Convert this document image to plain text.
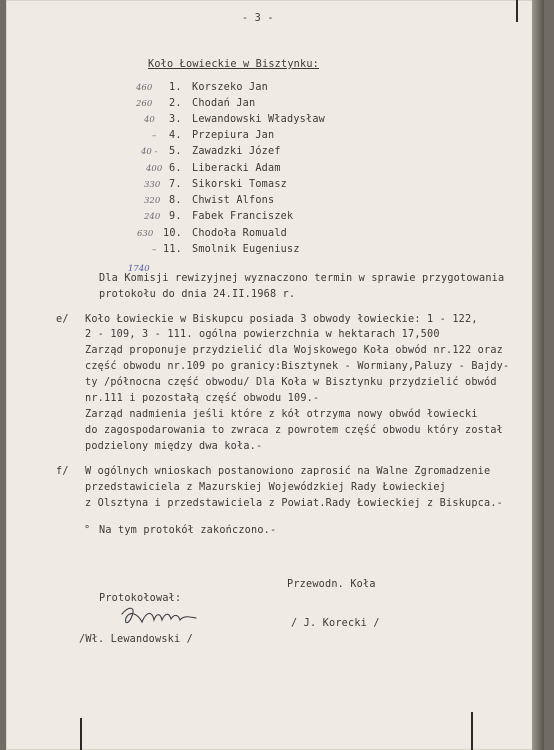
- 3 -
Koło Łowieckie w Bisztynku:
460 1. Korszeko Jan
260 2. Chodań Jan
40 3. Lewandowski Władysław
– 4. Przepiura Jan
40 - 5. Zawadzki Józef
400 6. Liberacki Adam
330 7. Sikorski Tomasz
320 8. Chwist Alfons
240 9. Fabek Franciszek
630 10. Chodoła Romuald
– 11. Smolnik Eugeniusz
1740
Dla Komisji rewizyjnej wyznaczono termin w sprawie przygotowania
protokołu do dnia 24.II.1968 r.
e/ Koło Łowieckie w Biskupcu posiada 3 obwody łowieckie: 1 - 122,
2 - 109, 3 - 111. ogólna powierzchnia w hektarach 17,500
Zarząd proponuje przydzielić dla Wojskowego Koła obwód nr.122 oraz
część obwodu nr.109 po granicy:Bisztynek - Wormiany,Paluzy - Bajdy-
ty /północna część obwodu/ Dla Koła w Bisztynku przydzielić obwód
nr.111 i pozostałą część obwodu 109.-
Zarząd nadmienia jeśli które z kół otrzyma nowy obwód łowiecki
do zagospodarowania to zwraca z powrotem część obwodu który został
podzielony między dwa koła.-
f/ W ogólnych wnioskach postanowiono zaprosić na Walne Zgromadzenie
przedstawiciela z Mazurskiej Wojewódzkiej Rady Łowieckiej
z Olsztyna i przedstawiciela z Powiat.Rady Łowieckiej z Biskupca.-
° Na tym protokół zakończono.-
Przewodn. Koła
Protokołował:
/ J. Korecki /
/Wł. Lewandowski /
